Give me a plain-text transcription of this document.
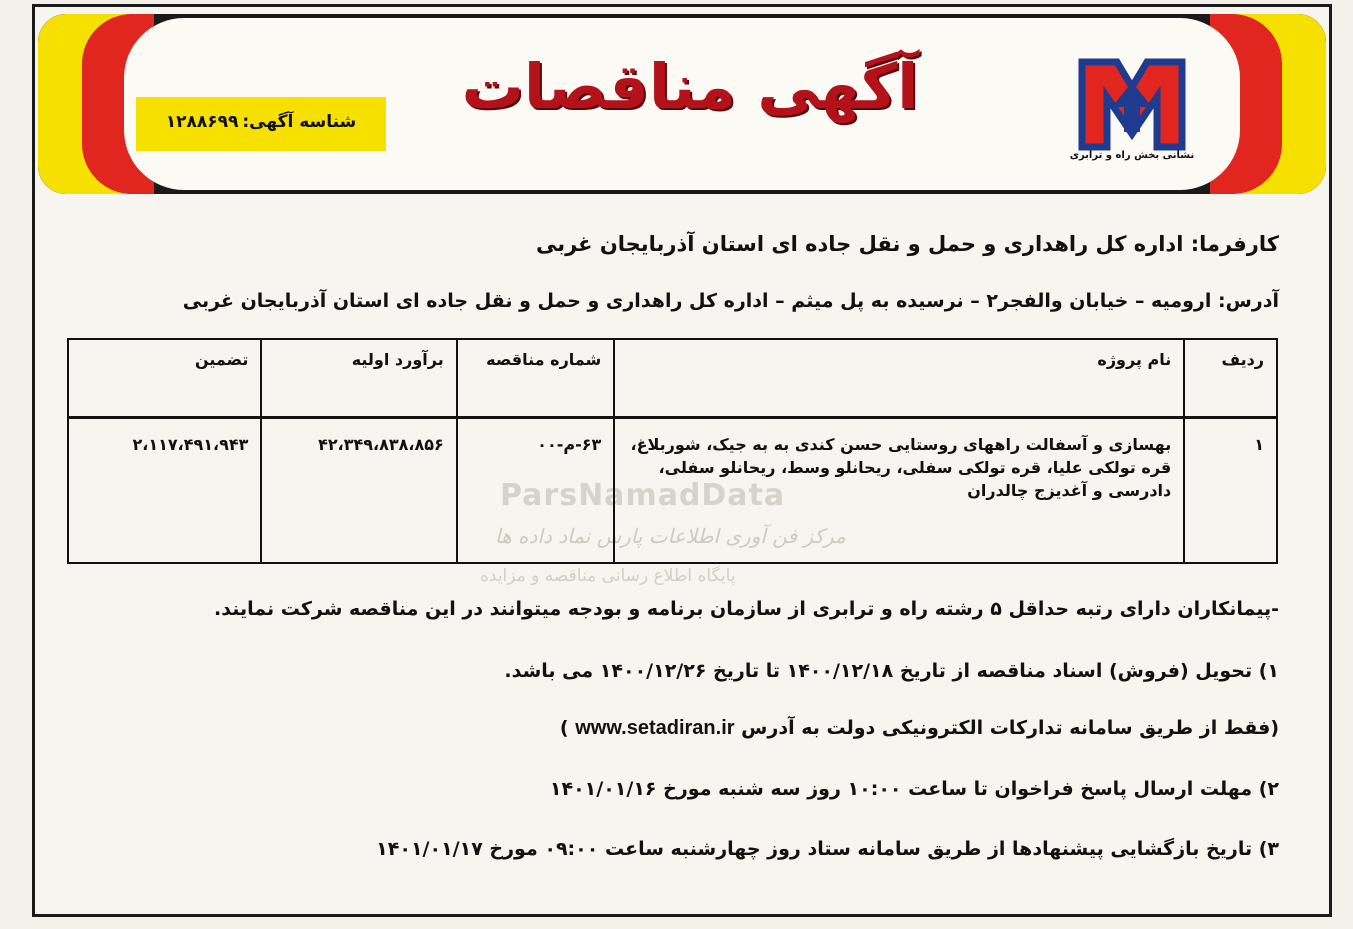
آگهی مناقصات
شناسه آگهی:۱۲۸۸۶۹۹
نشانی بخش راه و ترابری
کارفرما: اداره کل راهداری و حمل و نقل جاده ای استان آذربایجان غربی
آدرس: ارومیه – خیابان والفجر۲ – نرسیده به پل میثم – اداره کل راهداری و حمل و نقل جاده ای استان آذربایجان غربی
ParsNamadData
مرکز فن آوری اطلاعات پارس نماد داده ها
پایگاه اطلاع رسانی مناقصه و مزایده
ردیف
نام پروژه
شماره مناقصه
برآورد اولیه
تضمین
۱
بهسازی و آسفالت راههای روستایی حسن کندی به به جیک، شوربلاغ، قره تولکی علیا، قره تولکی سفلی، ریحانلو وسط، ریحانلو سفلی، دادرسی و آغدیزج چالدران
۶۳-م-۰۰
۴۲،۳۴۹،۸۳۸،۸۵۶
۲،۱۱۷،۴۹۱،۹۴۳
-پیمانکاران دارای رتبه حداقل ۵ رشته راه و ترابری از سازمان برنامه و بودجه میتوانند در این مناقصه شرکت نمایند.
۱) تحویل (فروش) اسناد مناقصه از تاریخ ۱۴۰۰/۱۲/۱۸ تا تاریخ ۱۴۰۰/۱۲/۲۶ می باشد.
(فقط از طریق سامانه تدارکات الکترونیکی دولت به آدرس www.setadiran.ir )
۲) مهلت ارسال پاسخ فراخوان تا ساعت ۱۰:۰۰ روز سه شنبه مورخ ۱۴۰۱/۰۱/۱۶
۳) تاریخ بازگشایی پیشنهادها از طریق سامانه ستاد روز چهارشنبه ساعت ۰۹:۰۰ مورخ ۱۴۰۱/۰۱/۱۷
